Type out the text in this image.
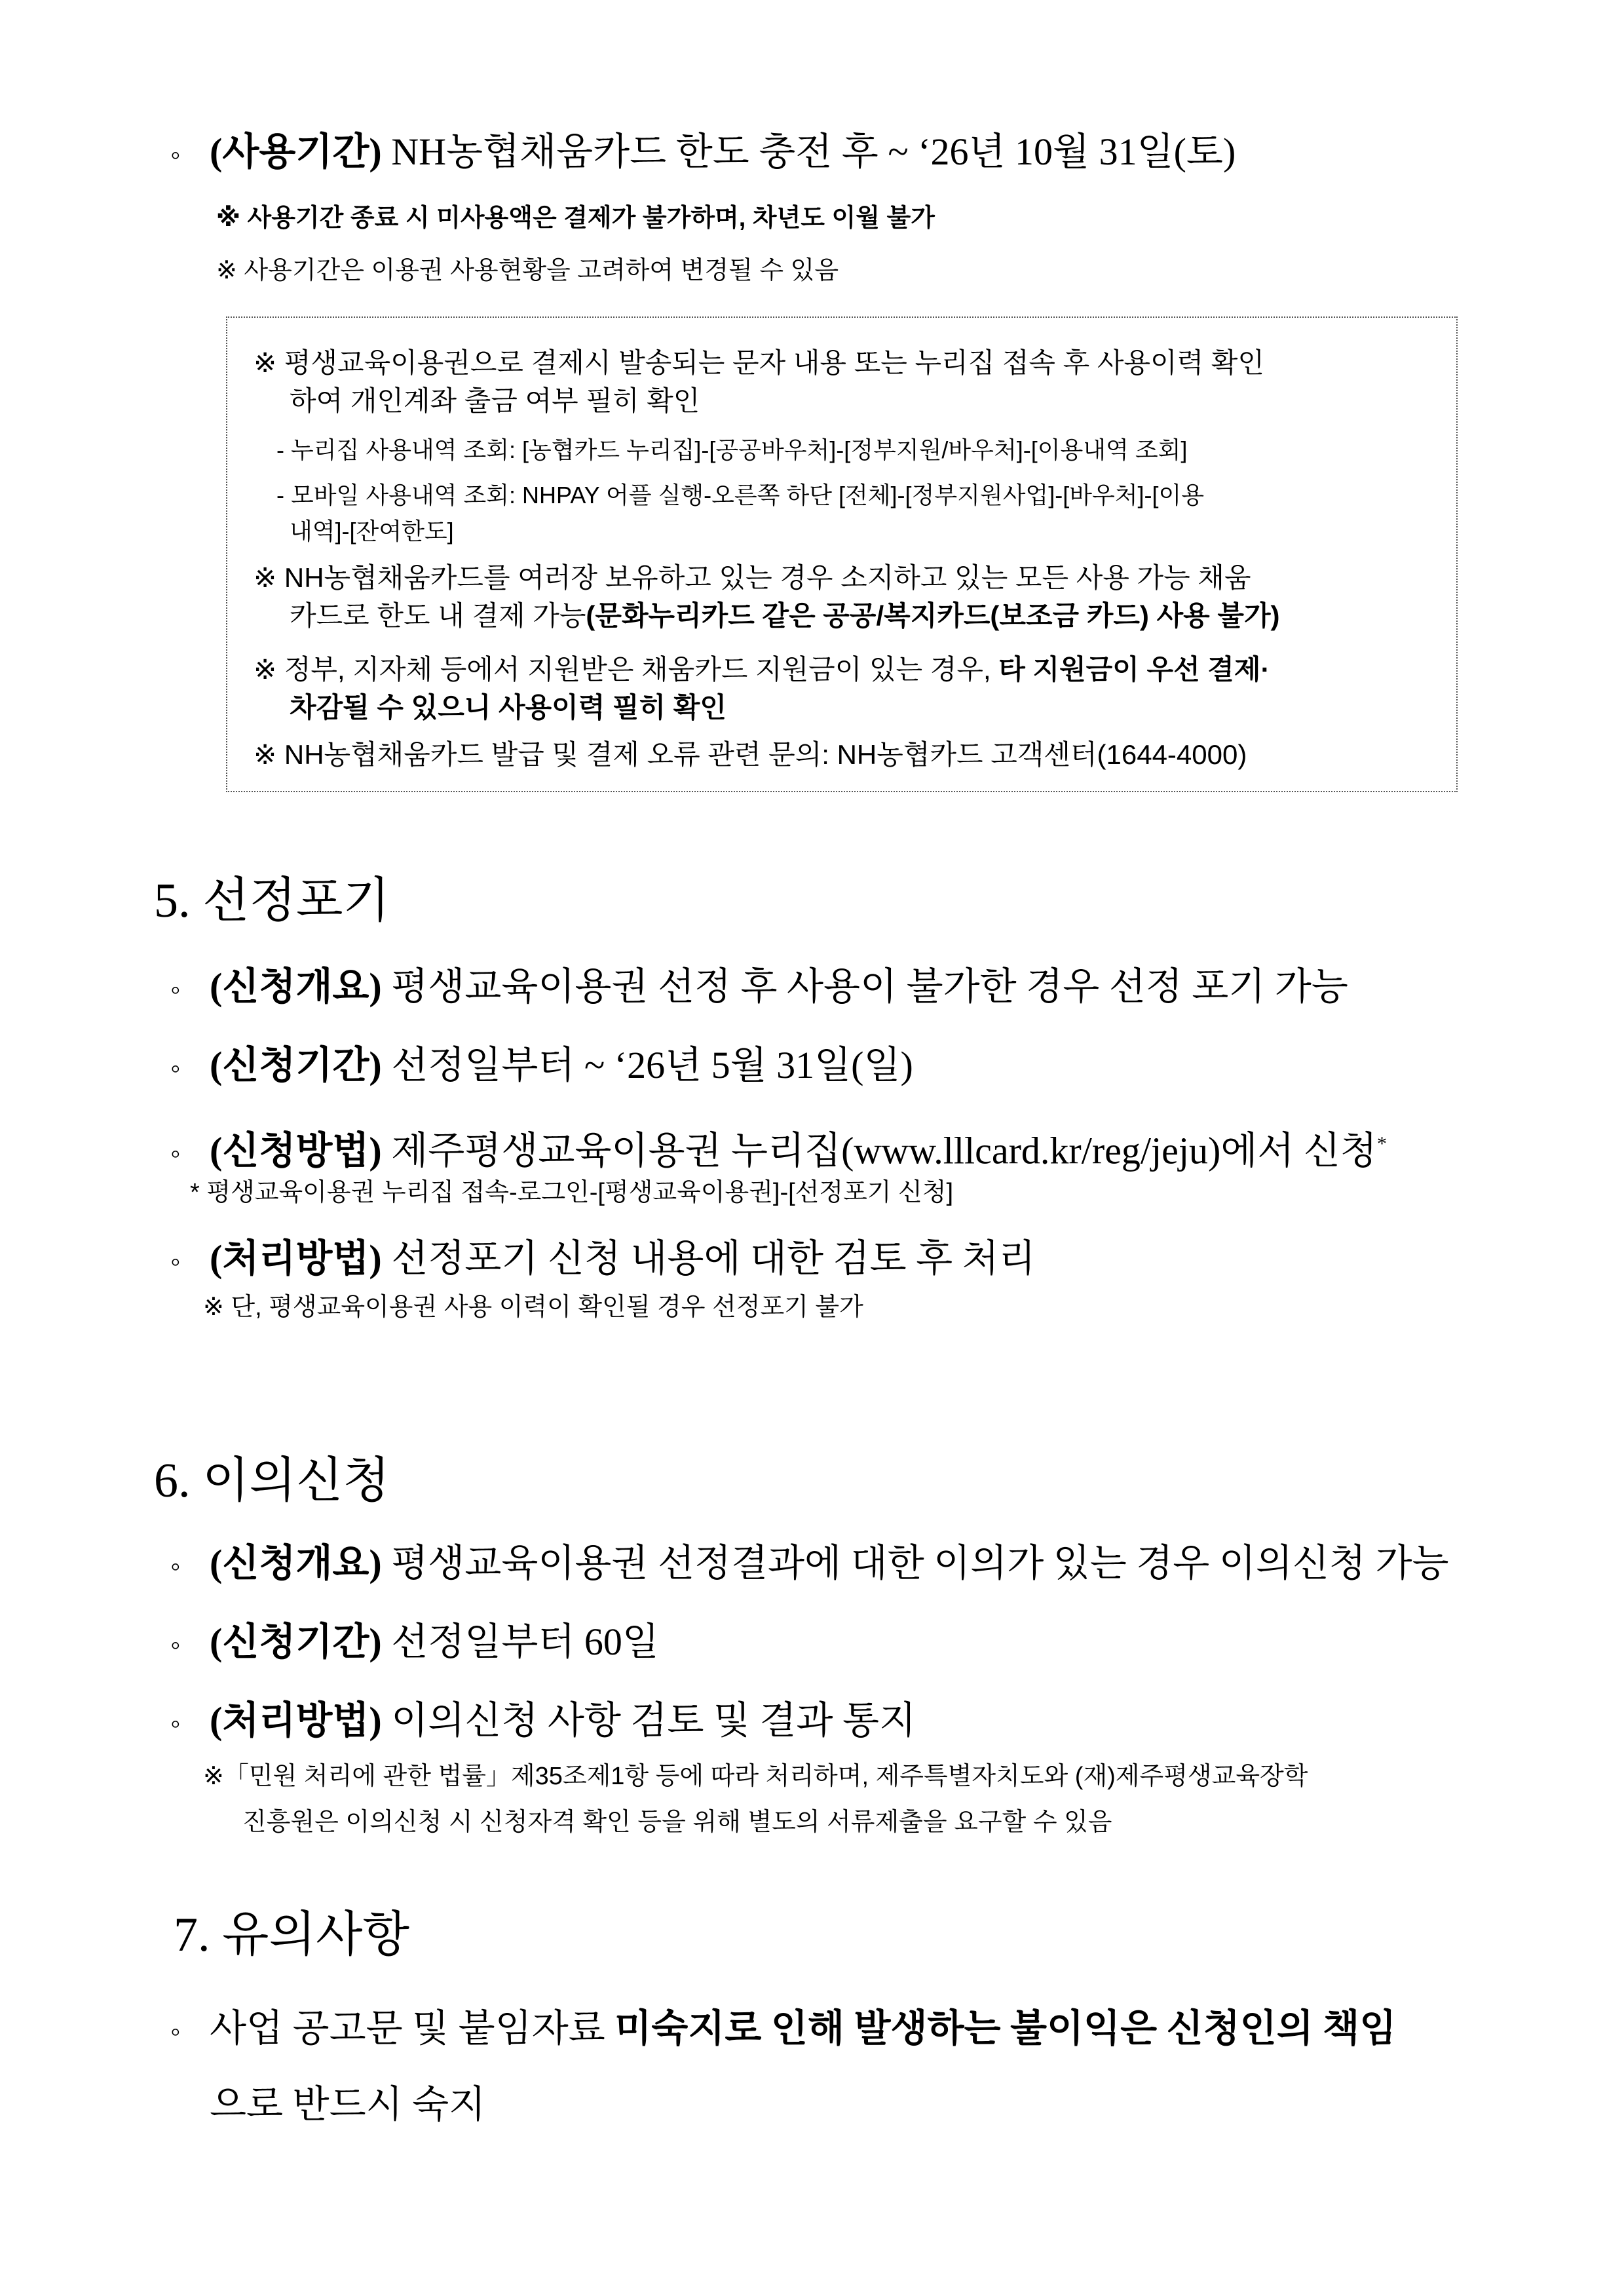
◦ (사용기간) NH농협채움카드 한도 충전 후 ~ ‘26년 10월 31일(토)
※ 사용기간 종료 시 미사용액은 결제가 불가하며, 차년도 이월 불가
※ 사용기간은 이용권 사용현황을 고려하여 변경될 수 있음
※ 평생교육이용권으로 결제시 발송되는 문자 내용 또는 누리집 접속 후 사용이력 확인
하여 개인계좌 출금 여부 필히 확인
- 누리집 사용내역 조회: [농협카드 누리집]-[공공바우처]-[정부지원/바우처]-[이용내역 조회]
- 모바일 사용내역 조회: NHPAY 어플 실행-오른쪽 하단 [전체]-[정부지원사업]-[바우처]-[이용
내역]-[잔여한도]
※ NH농협채움카드를 여러장 보유하고 있는 경우 소지하고 있는 모든 사용 가능 채움
카드로 한도 내 결제 가능(문화누리카드 같은 공공/복지카드(보조금 카드) 사용 불가)
※ 정부, 지자체 등에서 지원받은 채움카드 지원금이 있는 경우, 타 지원금이 우선 결제·
차감될 수 있으니 사용이력 필히 확인
※ NH농협채움카드 발급 및 결제 오류 관련 문의: NH농협카드 고객센터(1644-4000)
5. 선정포기
◦ (신청개요) 평생교육이용권 선정 후 사용이 불가한 경우 선정 포기 가능
◦ (신청기간) 선정일부터 ~ ‘26년 5월 31일(일)
◦ (신청방법) 제주평생교육이용권 누리집(www.lllcard.kr/reg/jeju)에서 신청*
* 평생교육이용권 누리집 접속-로그인-[평생교육이용권]-[선정포기 신청]
◦ (처리방법) 선정포기 신청 내용에 대한 검토 후 처리
※ 단, 평생교육이용권 사용 이력이 확인될 경우 선정포기 불가
6. 이의신청
◦ (신청개요) 평생교육이용권 선정결과에 대한 이의가 있는 경우 이의신청 가능
◦ (신청기간) 선정일부터 60일
◦ (처리방법) 이의신청 사항 검토 및 결과 통지
※「민원 처리에 관한 법률」제35조제1항 등에 따라 처리하며, 제주특별자치도와 (재)제주평생교육장학
진흥원은 이의신청 시 신청자격 확인 등을 위해 별도의 서류제출을 요구할 수 있음
7. 유의사항
◦ 사업 공고문 및 붙임자료 미숙지로 인해 발생하는 불이익은 신청인의 책임
으로 반드시 숙지
